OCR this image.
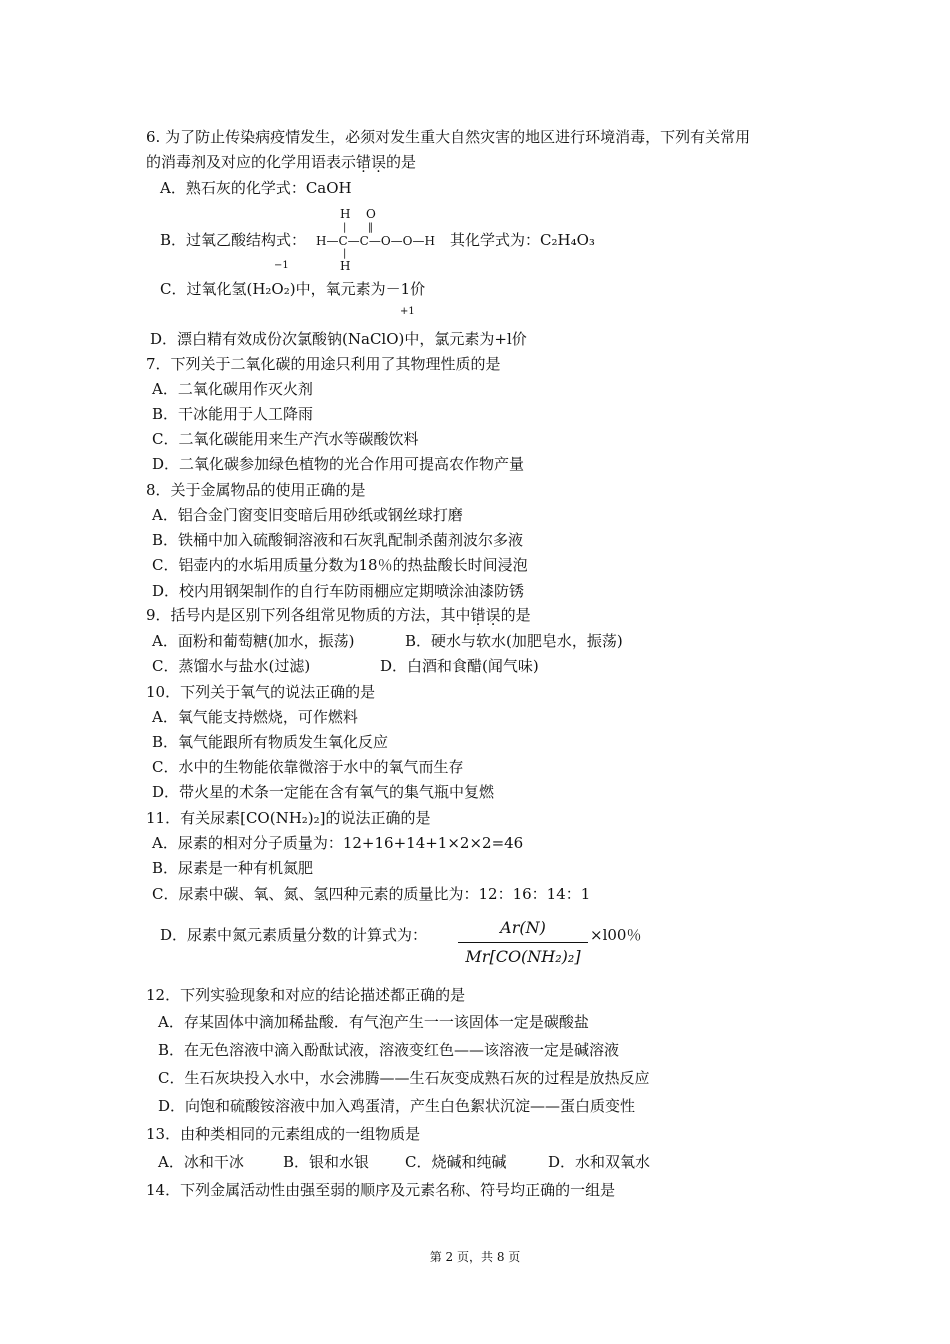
6. 为了防止传染病疫情发生，必须对发生重大自然灾害的地区进行环境消毒，下列有关常用
的消毒剂及对应的化学用语表示错误的是
A．熟石灰的化学式：CaOH
B．过氧乙酸结构式：
H O
| ‖
H—C—C—O—O—H
|
H
其化学式为：C₂H₄O₃
−1
C．过氧化氢(H₂O₂)中，氧元素为－1价
+1
D．漂白精有效成份次氯酸钠(NaClO)中，氯元素为+l价
7．下列关于二氧化碳的用途只利用了其物理性质的是
A．二氧化碳用作灭火剂
B．干冰能用于人工降雨
C．二氧化碳能用来生产汽水等碳酸饮料
D．二氧化碳参加绿色植物的光合作用可提高农作物产量
8．关于金属物品的使用正确的是
A．铝合金门窗变旧变暗后用砂纸或钢丝球打磨
B．铁桶中加入硫酸铜溶液和石灰乳配制杀菌剂波尔多液
C．铝壶内的水垢用质量分数为18％的热盐酸长时间浸泡
D．校内用钢架制作的自行车防雨棚应定期喷涂油漆防锈
9．括号内是区别下列各组常见物质的方法，其中错误的是
A．面粉和葡萄糖(加水，振荡)	B．硬水与软水(加肥皂水，振荡)
C．蒸馏水与盐水(过滤)	D．白酒和食醋(闻气味)
10．下列关于氧气的说法正确的是
A．氧气能支持燃烧，可作燃料
B．氧气能跟所有物质发生氧化反应
C．水中的生物能依靠微溶于水中的氧气而生存
D．带火星的术条一定能在含有氧气的集气瓶中复燃
11．有关尿素[CO(NH₂)₂]的说法正确的是
A．尿素的相对分子质量为：12+16+14+1×2×2=46
B．尿素是一种有机氮肥
C．尿素中碳、氧、氮、氢四种元素的质量比为：12：16：14：1
D．尿素中氮元素质量分数的计算式为： $\frac{Ar(N)}{\text{Mr[CO(NH₂)₂]}} \times l00$％
12．下列实验现象和对应的结论描述都正确的是
A．存某固体中滴加稀盐酸．有气泡产生一一该固体一定是碳酸盐
B．在无色溶液中滴入酚酞试液，溶液变红色——该溶液一定是碱溶液
C．生石灰块投入水中，水会沸腾——生石灰变成熟石灰的过程是放热反应
D．向饱和硫酸铵溶液中加入鸡蛋清，产生白色絮状沉淀——蛋白质变性
13．由种类相同的元素组成的一组物质是
A．冰和干冰	B．银和水银 C．烧碱和纯碱	D．水和双氧水
14．下列金属活动性由强至弱的顺序及元素名称、符号均正确的一组是
第 2 页，共 8 页
